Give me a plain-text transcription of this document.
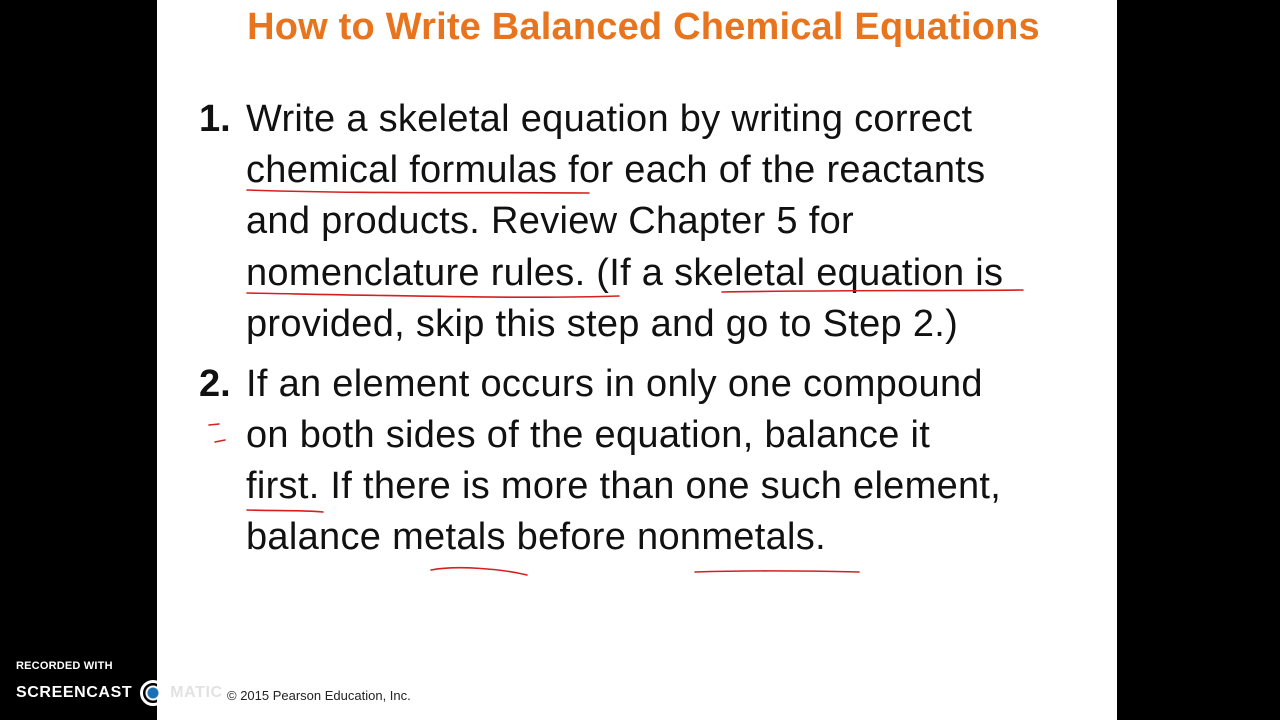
How to Write Balanced Chemical Equations
1. Write a skeletal equation by writing correct
chemical formulas for each of the reactants
and products. Review Chapter 5 for
nomenclature rules. (If a skeletal equation is
provided, skip this step and go to Step 2.)
2. If an element occurs in only one compound
on both sides of the equation, balance it
first. If there is more than one such element,
balance metals before nonmetals.
© 2015 Pearson Education, Inc.
RECORDED WITH
SCREENCAST MATIC
